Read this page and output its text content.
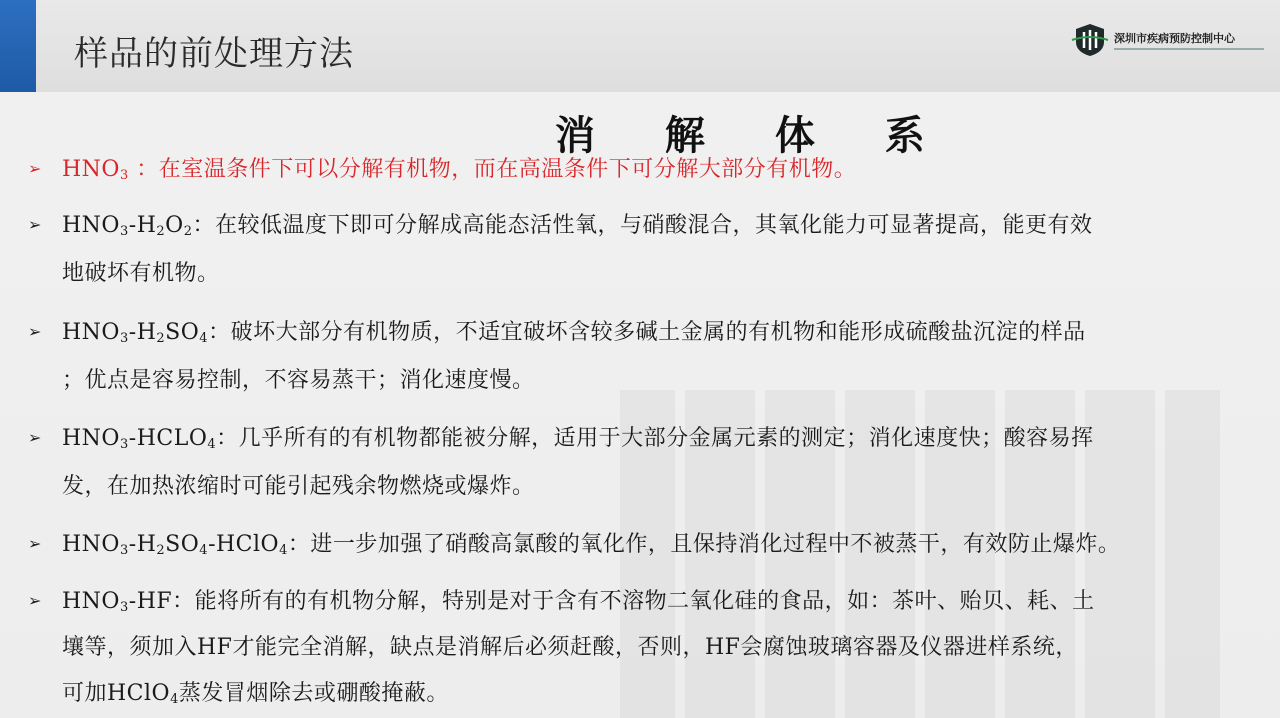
样品的前处理方法	深圳市疾病预防控制中心
消 解 体 系
➢ $HNO_3$ ：在室温条件下可以分解有机物，而在高温条件下可分解大部分有机物。
➢ $HNO_3-H_2O_2$：在较低温度下即可分解成高能态活性氧，与硝酸混合，其氧化能力可显著提高，能更有效
地破坏有机物。
➢ $HNO_3-H_2SO_4$：破坏大部分有机物质，不适宜破坏含较多碱土金属的有机物和能形成硫酸盐沉淀的样品
；优点是容易控制，不容易蒸干；消化速度慢。
➢ $HNO_3-HCLO_4$：几乎所有的有机物都能被分解，适用于大部分金属元素的测定；消化速度快；酸容易挥
发，在加热浓缩时可能引起残余物燃烧或爆炸。
➢ $HNO_3-H_2SO_4-HClO_4$：进一步加强了硝酸高氯酸的氧化作，且保持消化过程中不被蒸干，有效防止爆炸。
➢ $HNO_3-HF$：能将所有的有机物分解，特别是对于含有不溶物二氧化硅的食品，如：茶叶、贻贝、耗、土
壤等，须加入HF才能完全消解，缺点是消解后必须赶酸，否则，HF会腐蚀玻璃容器及仪器进样系统，
可加HClO$_4$蒸发冒烟除去或硼酸掩蔽。
